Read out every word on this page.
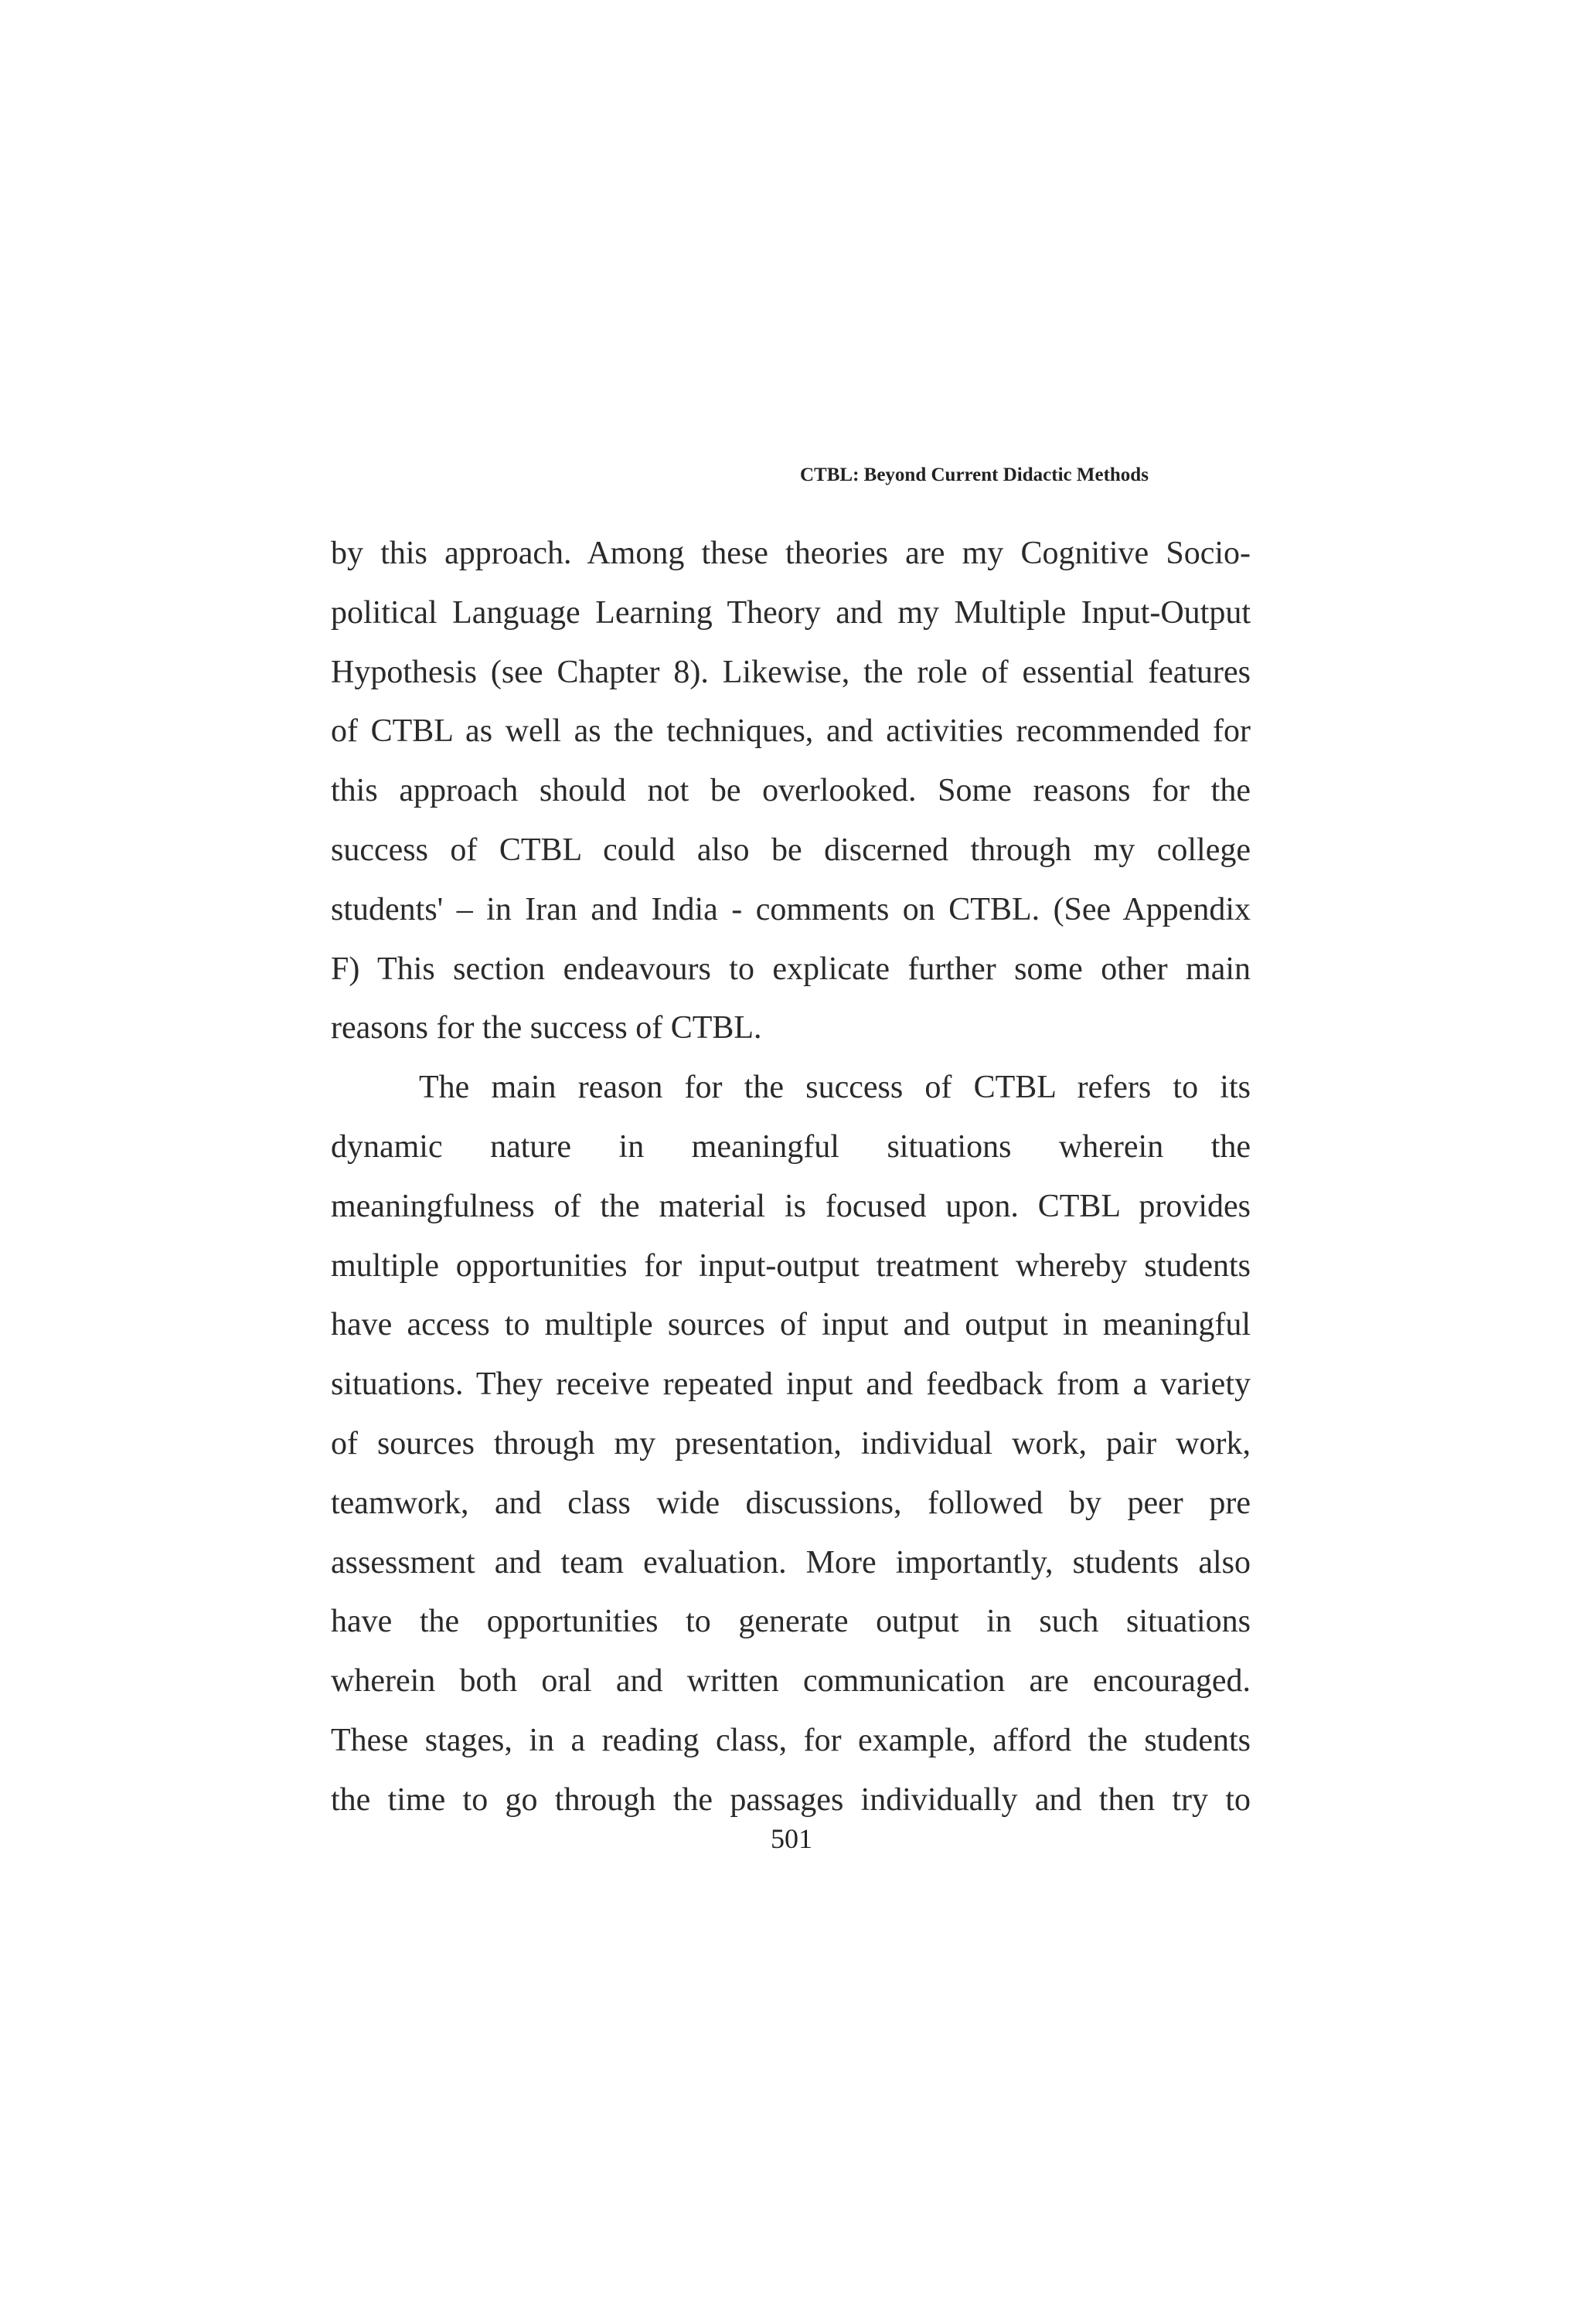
CTBL: Beyond Current Didactic Methods
by this approach. Among these theories are my Cognitive Socio-
political Language Learning Theory and my Multiple Input-Output
Hypothesis (see Chapter 8). Likewise, the role of essential features
of CTBL as well as the techniques, and activities recommended for
this approach should not be overlooked. Some reasons for the
success of CTBL could also be discerned through my college
students' – in Iran and India - comments on CTBL. (See Appendix
F) This section endeavours to explicate further some other main
reasons for the success of CTBL.
The main reason for the success of CTBL refers to its
dynamic nature in meaningful situations wherein the
meaningfulness of the material is focused upon. CTBL provides
multiple opportunities for input-output treatment whereby students
have access to multiple sources of input and output in meaningful
situations. They receive repeated input and feedback from a variety
of sources through my presentation, individual work, pair work,
teamwork, and class wide discussions, followed by peer pre
assessment and team evaluation. More importantly, students also
have the opportunities to generate output in such situations
wherein both oral and written communication are encouraged.
These stages, in a reading class, for example, afford the students
the time to go through the passages individually and then try to
501
